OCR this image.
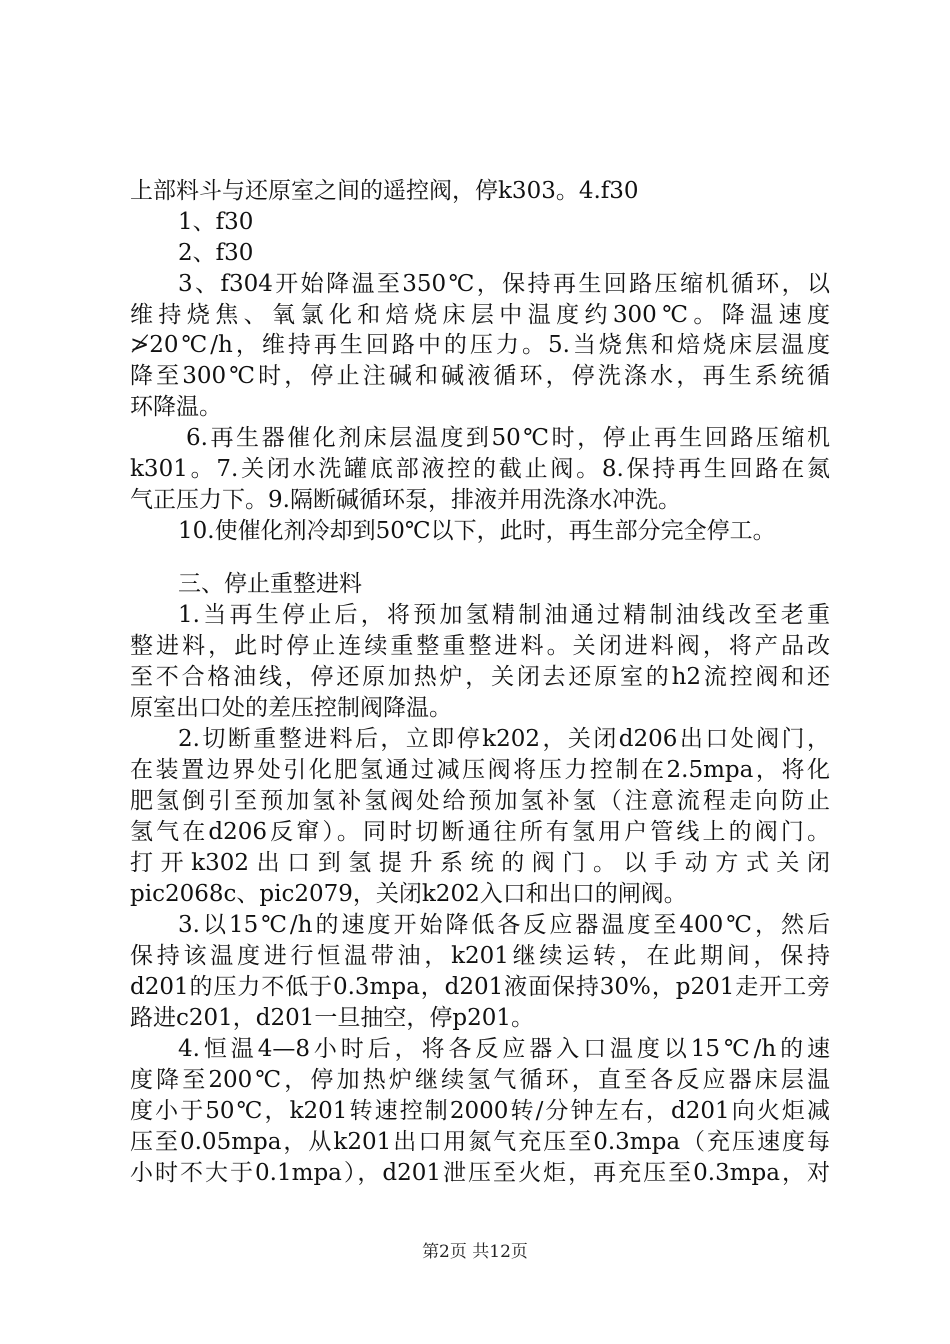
上部料斗与还原室之间的遥控阀，停k303。4.f30
1、f30
2、f30
3、f304开始降温至350℃，保持再生回路压缩机循环，以
维持烧焦、氧氯化和焙烧床层中温度约300℃。降温速度
≯20℃/h，维持再生回路中的压力。5.当烧焦和焙烧床层温度
降至300℃时，停止注碱和碱液循环，停洗涤水，再生系统循
环降温。
6.再生器催化剂床层温度到50℃时，停止再生回路压缩机
k301。7.关闭水洗罐底部液控的截止阀。8.保持再生回路在氮
气正压力下。9.隔断碱循环泵，排液并用洗涤水冲洗。
10.使催化剂冷却到50℃以下，此时，再生部分完全停工。
三、停止重整进料
1.当再生停止后，将预加氢精制油通过精制油线改至老重
整进料，此时停止连续重整重整进料。关闭进料阀，将产品改
至不合格油线，停还原加热炉，关闭去还原室的h2流控阀和还
原室出口处的差压控制阀降温。
2.切断重整进料后，立即停k202，关闭d206出口处阀门，
在装置边界处引化肥氢通过减压阀将压力控制在2.5mpa，将化
肥氢倒引至预加氢补氢阀处给预加氢补氢（注意流程走向防止
氢气在d206反窜）。同时切断通往所有氢用户管线上的阀门。
打开k302出口到氢提升系统的阀门。以手动方式关闭
pic2068c、pic2079，关闭k202入口和出口的闸阀。
3.以15℃/h的速度开始降低各反应器温度至400℃，然后
保持该温度进行恒温带油，k201继续运转，在此期间，保持
d201的压力不低于0.3mpa，d201液面保持30%，p201走开工旁
路进c201，d201一旦抽空，停p201。
4.恒温4—8小时后，将各反应器入口温度以15℃/h的速
度降至200℃，停加热炉继续氢气循环，直至各反应器床层温
度小于50℃，k201转速控制2000转/分钟左右，d201向火炬减
压至0.05mpa，从k201出口用氮气充压至0.3mpa（充压速度每
小时不大于0.1mpa），d201泄压至火炬，再充压至0.3mpa，对
第2页 共12页
